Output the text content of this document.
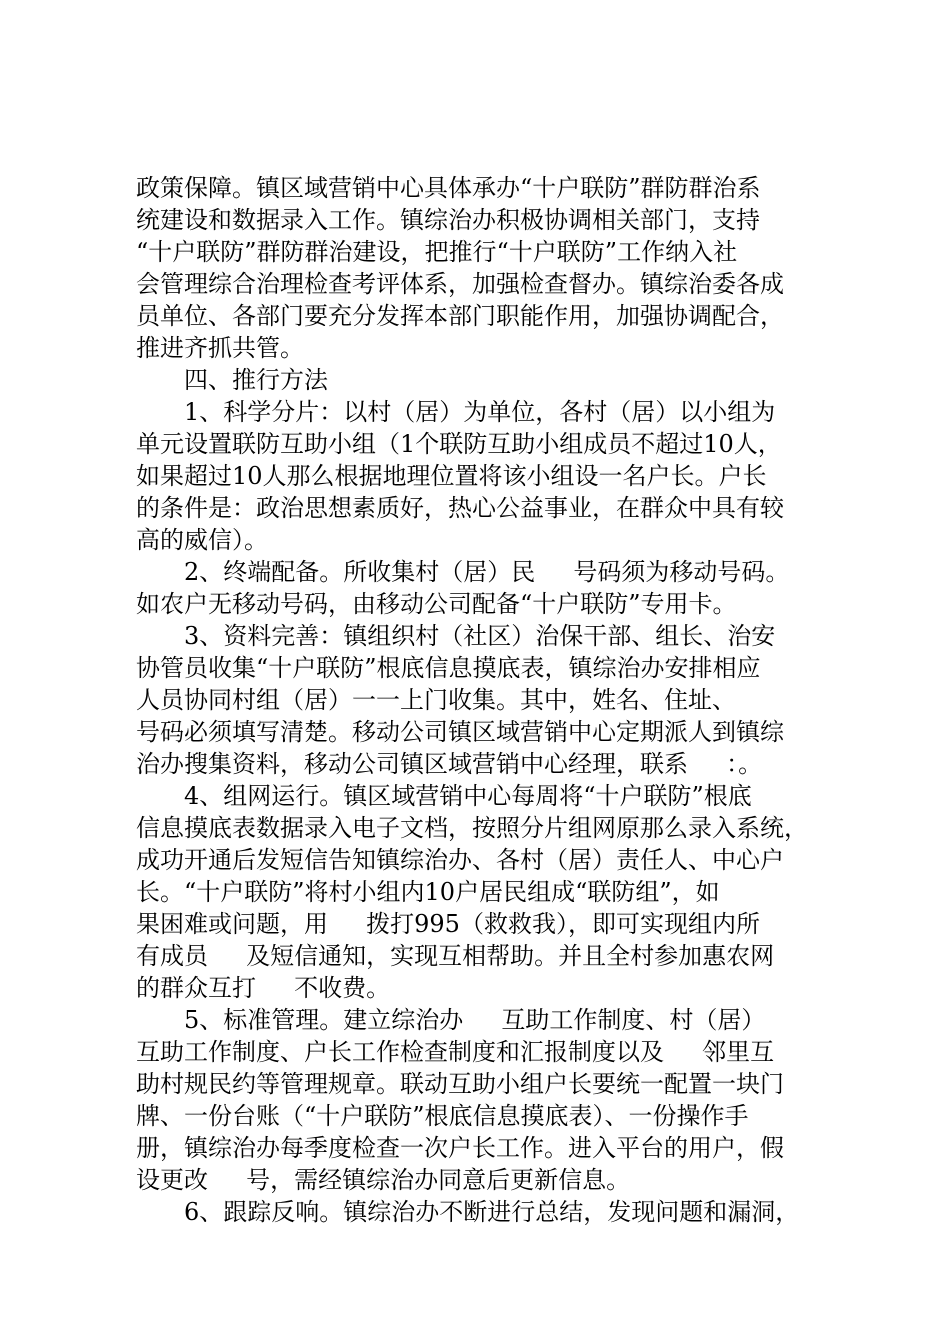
政策保障。镇区域营销中心具体承办“十户联防”群防群治系
统建设和数据录入工作。镇综治办积极协调相关部门，支持
“十户联防”群防群治建设，把推行“十户联防”工作纳入社
会管理综合治理检查考评体系，加强检查督办。镇综治委各成
员单位、各部门要充分发挥本部门职能作用，加强协调配合，
推进齐抓共管。
四、推行方法
1、科学分片：以村（居）为单位，各村（居）以小组为
单元设置联防互助小组（1个联防互助小组成员不超过10人，
如果超过10人那么根据地理位置将该小组设一名户长。户长
的条件是：政治思想素质好，热心公益事业，在群众中具有较
高的威信）。
2、终端配备。所收集村（居）民     号码须为移动号码。
如农户无移动号码，由移动公司配备“十户联防”专用卡。
3、资料完善：镇组织村（社区）治保干部、组长、治安
协管员收集“十户联防”根底信息摸底表，镇综治办安排相应
人员协同村组（居）一一上门收集。其中，姓名、住址、
号码必须填写清楚。移动公司镇区域营销中心定期派人到镇综
治办搜集资料，移动公司镇区域营销中心经理，联系     ：。
4、组网运行。镇区域营销中心每周将“十户联防”根底
信息摸底表数据录入电子文档，按照分片组网原那么录入系统，
成功开通后发短信告知镇综治办、各村（居）责任人、中心户
长。“十户联防”将村小组内10户居民组成“联防组”，如
果困难或问题，用     拨打995（救救我），即可实现组内所
有成员     及短信通知，实现互相帮助。并且全村参加惠农网
的群众互打     不收费。
5、标准管理。建立综治办     互助工作制度、村（居）
互助工作制度、户长工作检查制度和汇报制度以及     邻里互
助村规民约等管理规章。联动互助小组户长要统一配置一块门
牌、一份台账（“十户联防”根底信息摸底表）、一份操作手
册，镇综治办每季度检查一次户长工作。进入平台的用户，假
设更改     号，需经镇综治办同意后更新信息。
6、跟踪反响。镇综治办不断进行总结，发现问题和漏洞，
